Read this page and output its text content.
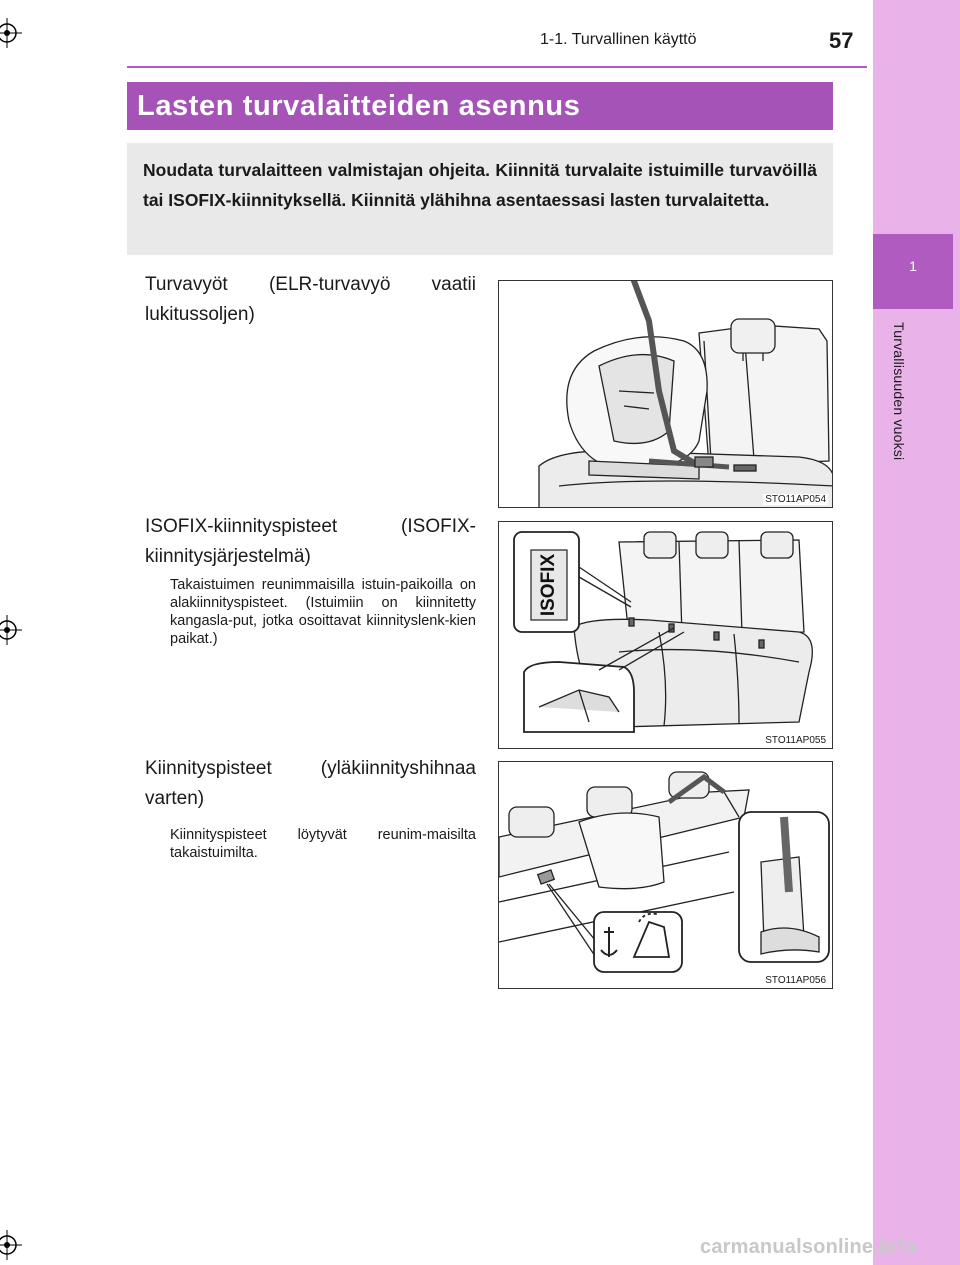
1
Turvallisuuden vuoksi
1-1. Turvallinen käyttö	57
Lasten turvalaitteiden asennus
Noudata turvalaitteen valmistajan ohjeita. Kiinnitä turvalaite istuimille turvavöillä tai ISOFIX-kiinnityksellä. Kiinnitä ylähihna asentaessasi lasten turvalaitetta.
Turvavyöt (ELR-turvavyö vaatii lukitussoljen)
STO11AP054
ISOFIX-kiinnityspisteet (ISOFIX-kiinnitysjärjestelmä)
Takaistuimen reunimmaisilla istuin-paikoilla on alakiinnityspisteet. (Istuimiin on kiinnitetty kangasla-put, jotka osoittavat kiinnityslenk-kien paikat.)
ISOFIX
STO11AP055
Kiinnityspisteet (yläkiinnityshihnaa varten)
Kiinnityspisteet löytyvät reunim-maisilta takaistuimilta.
STO11AP056
carmanualsonline.info
